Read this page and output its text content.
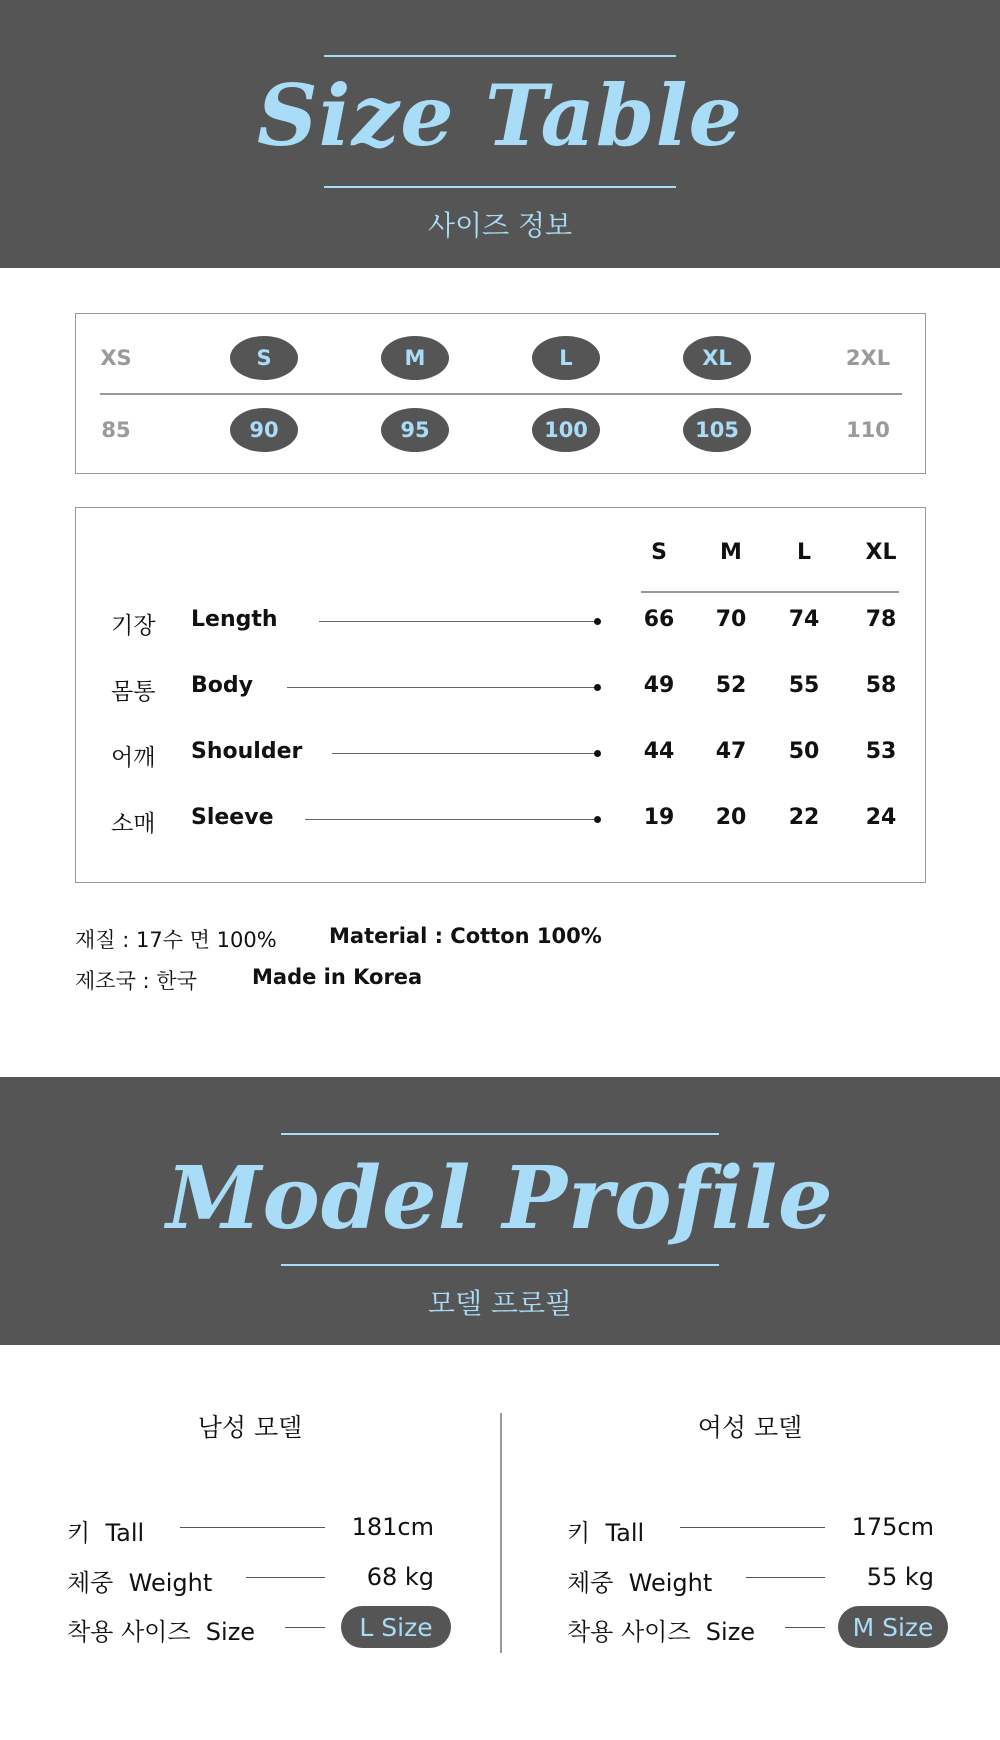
Size Table
사이즈 정보
XS	S	M	L	XL	2XL
85	90	95	100	105	110
S	M	L	XL
기장 Length	66	70	74	78
몸통 Body	49	52	55	58
어깨 Shoulder	44	47	50	53
소매 Sleeve	19	20	22	24
재질 : 17수 면 100% Material : Cotton 100%
제조국 : 한국	Made in Korea
Model Profile
모델 프로필
남성 모델
키  Tall	181cm
체중  Weight	68 kg
착용 사이즈  Size	L Size
여성 모델
키  Tall	175cm
체중  Weight	55 kg
착용 사이즈  Size	M Size
